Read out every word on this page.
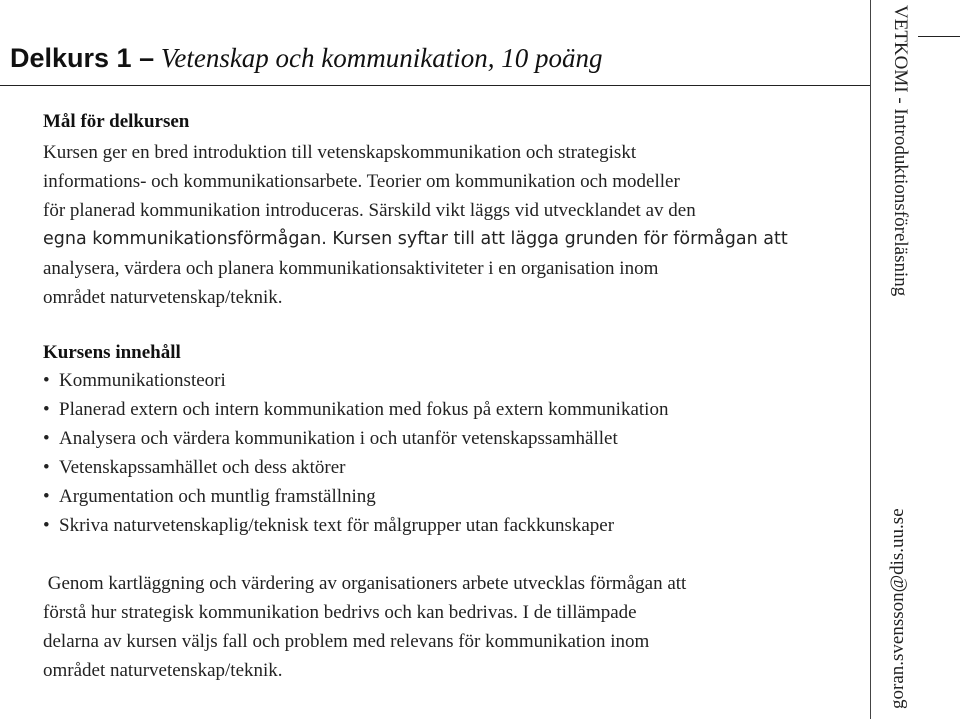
Delkurs 1 – Vetenskap och kommunikation, 10 poäng	VETKOMI - Introduktionsföreläsning
goran.svensson@dis.uu.se
Mål för delkursen
Kursen ger en bred introduktion till vetenskapskommunikation och strategiskt
informations- och kommunikationsarbete. Teorier om kommunikation och modeller
för planerad kommunikation introduceras. Särskild vikt läggs vid utvecklandet av den
egna kommunikationsförmågan. Kursen syftar till att lägga grunden för förmågan att
analysera, värdera och planera kommunikationsaktiviteter i en organisation inom
området naturvetenskap/teknik.
Kursens innehåll
• Kommunikationsteori
• Planerad extern och intern kommunikation med fokus på extern kommunikation
• Analysera och värdera kommunikation i och utanför vetenskapssamhället
• Vetenskapssamhället och dess aktörer
• Argumentation och muntlig framställning
• Skriva naturvetenskaplig/teknisk text för målgrupper utan fackkunskaper
Genom kartläggning och värdering av organisationers arbete utvecklas förmågan att
förstå hur strategisk kommunikation bedrivs och kan bedrivas. I de tillämpade
delarna av kursen väljs fall och problem med relevans för kommunikation inom
området naturvetenskap/teknik.
